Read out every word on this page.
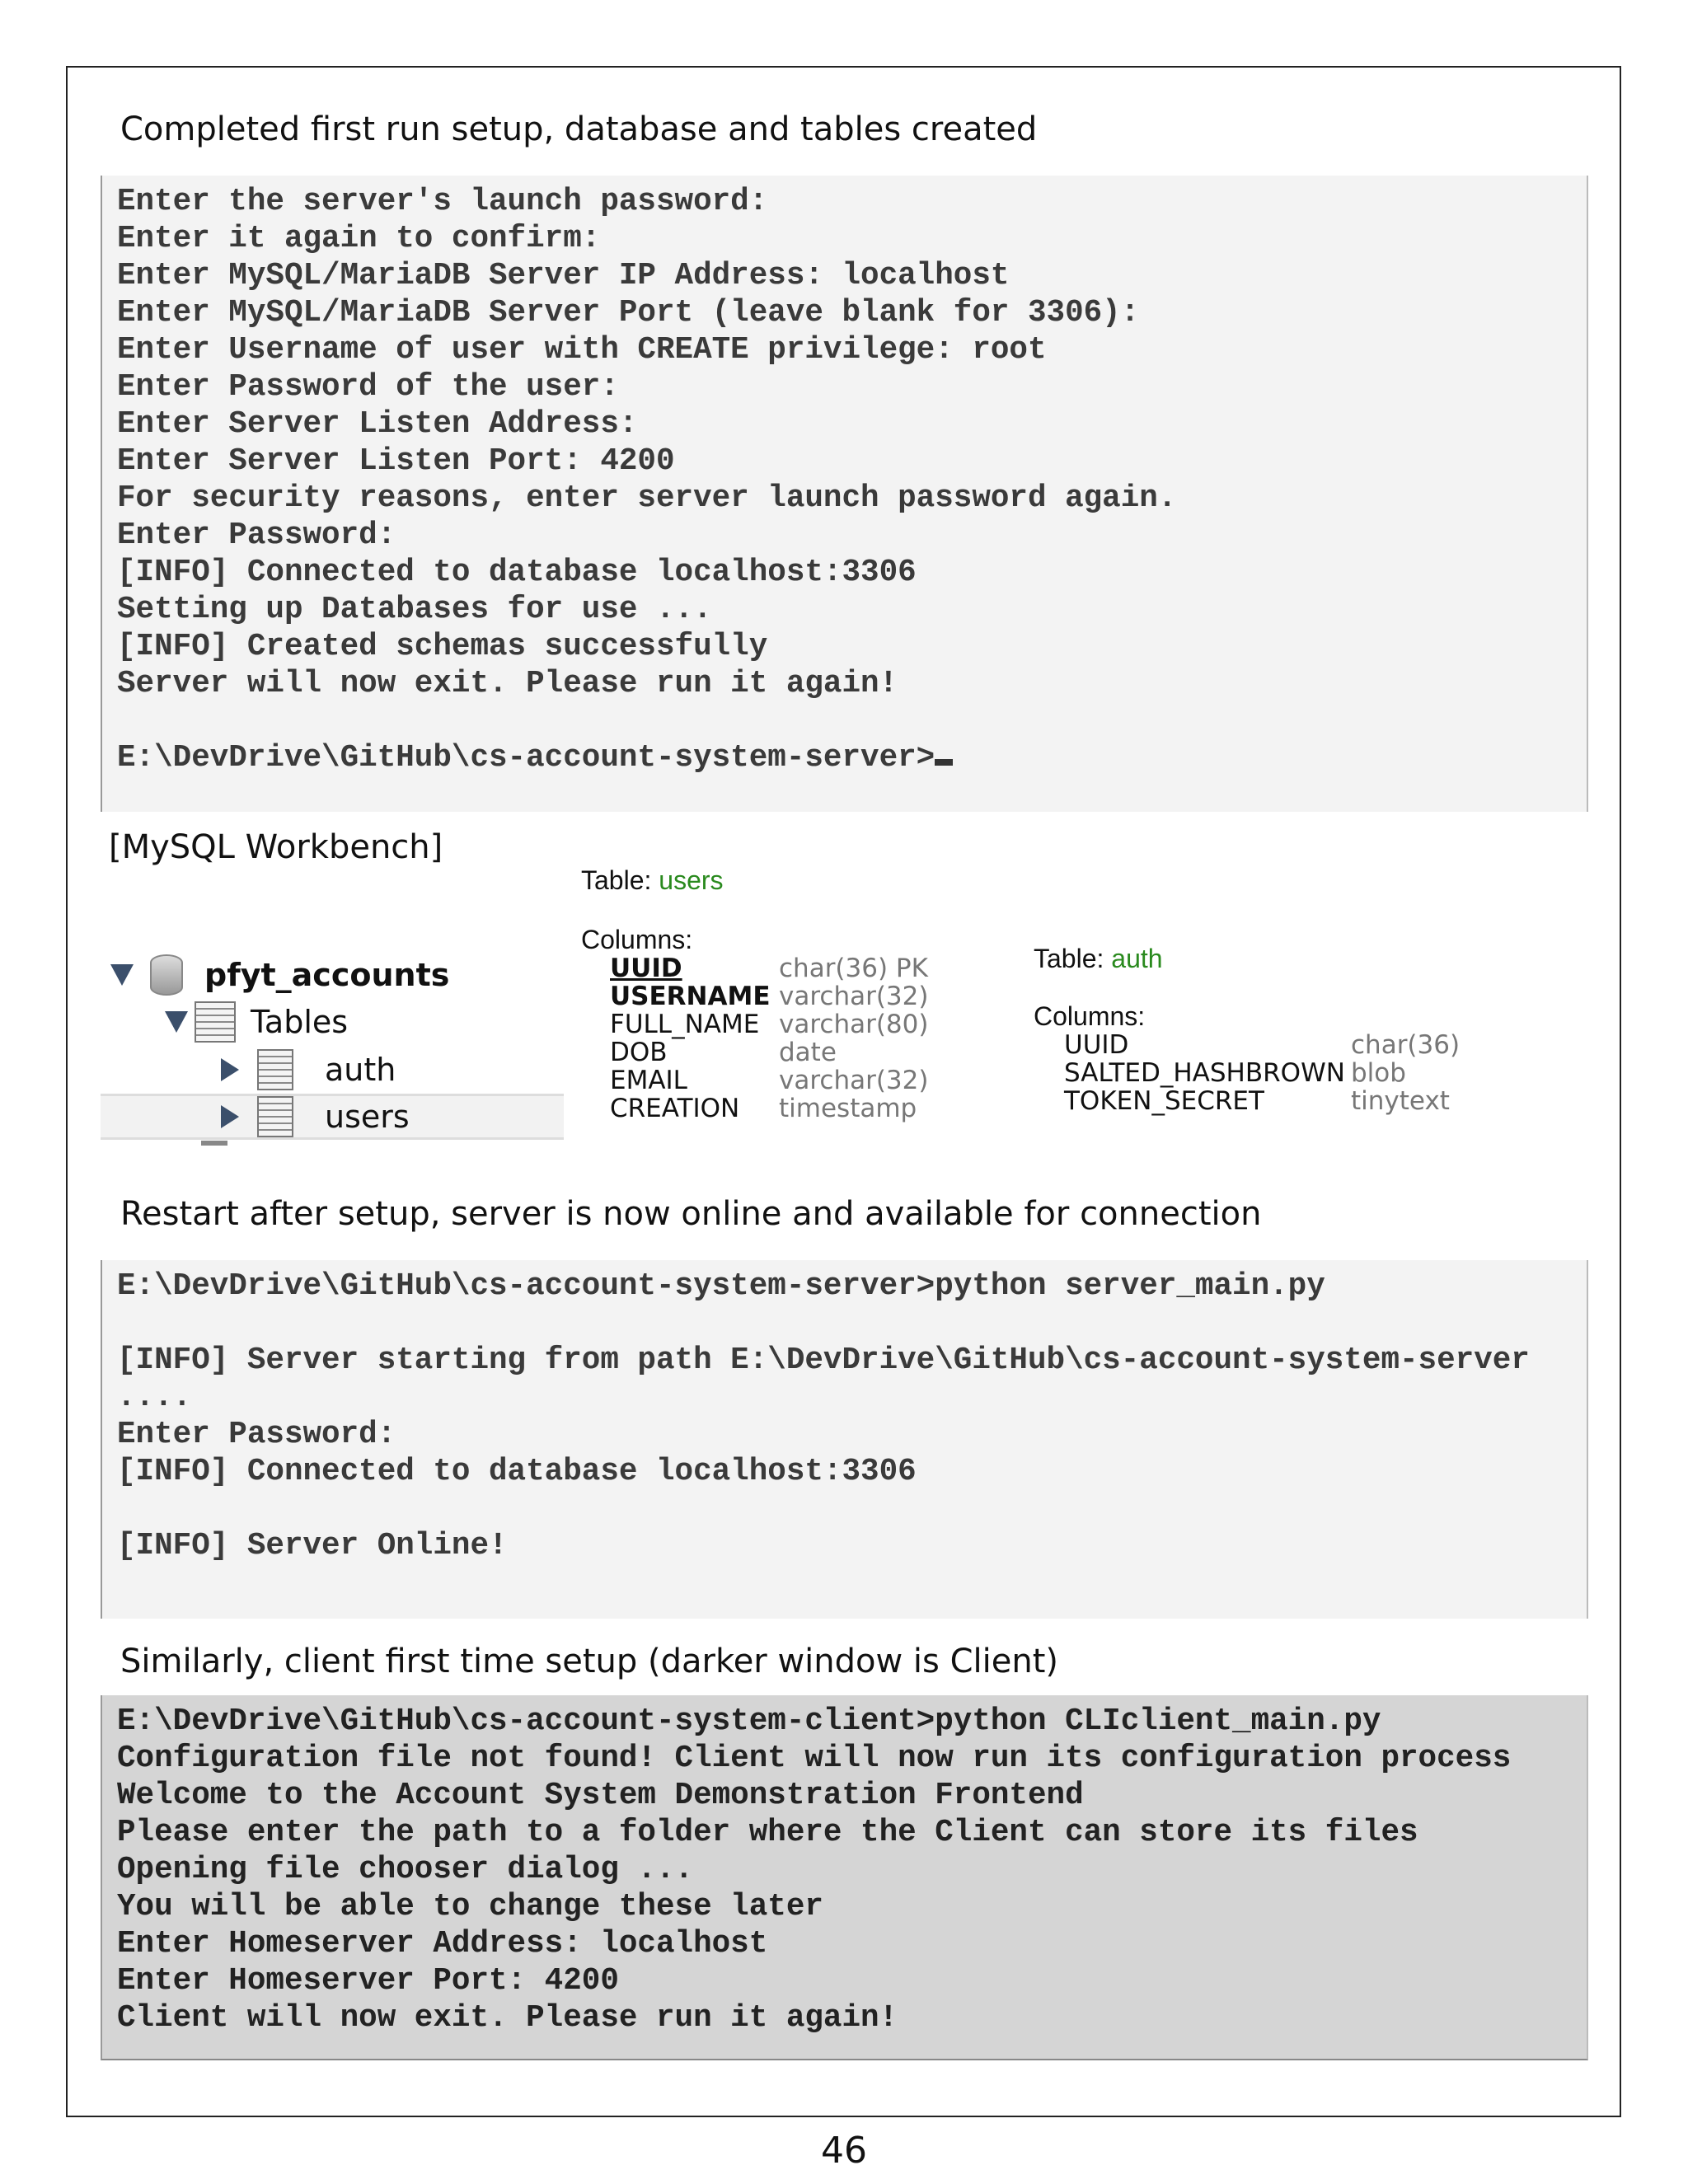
Completed first run setup, database and tables created
Enter the server's launch password:
Enter it again to confirm:
Enter MySQL/MariaDB Server IP Address: localhost
Enter MySQL/MariaDB Server Port (leave blank for 3306):
Enter Username of user with CREATE privilege: root
Enter Password of the user:
Enter Server Listen Address:
Enter Server Listen Port: 4200
For security reasons, enter server launch password again.
Enter Password:
[INFO] Connected to database localhost:3306
Setting up Databases for use ...
[INFO] Created schemas successfully
Server will now exit. Please run it again!
E:\DevDrive\GitHub\cs-account-system-server>
[MySQL Workbench]
pfyt_accounts
Tables
auth
users
Table: users
Columns:
UUID	char(36) PK
USERNAME varchar(32)
FULL_NAME varchar(80)
DOB	date
EMAIL	varchar(32)
CREATION timestamp
Table: auth
Columns:
UUID	char(36)
SALTED_HASHBROWN blob
TOKEN_SECRET	tinytext
Restart after setup, server is now online and available for connection
E:\DevDrive\GitHub\cs-account-system-server>python server_main.py
[INFO] Server starting from path E:\DevDrive\GitHub\cs-account-system-server
....
Enter Password:
[INFO] Connected to database localhost:3306
[INFO] Server Online!
Similarly, client first time setup (darker window is Client)
E:\DevDrive\GitHub\cs-account-system-client>python CLIclient_main.py
Configuration file not found! Client will now run its configuration process
Welcome to the Account System Demonstration Frontend
Please enter the path to a folder where the Client can store its files
Opening file chooser dialog ...
You will be able to change these later
Enter Homeserver Address: localhost
Enter Homeserver Port: 4200
Client will now exit. Please run it again!
46
